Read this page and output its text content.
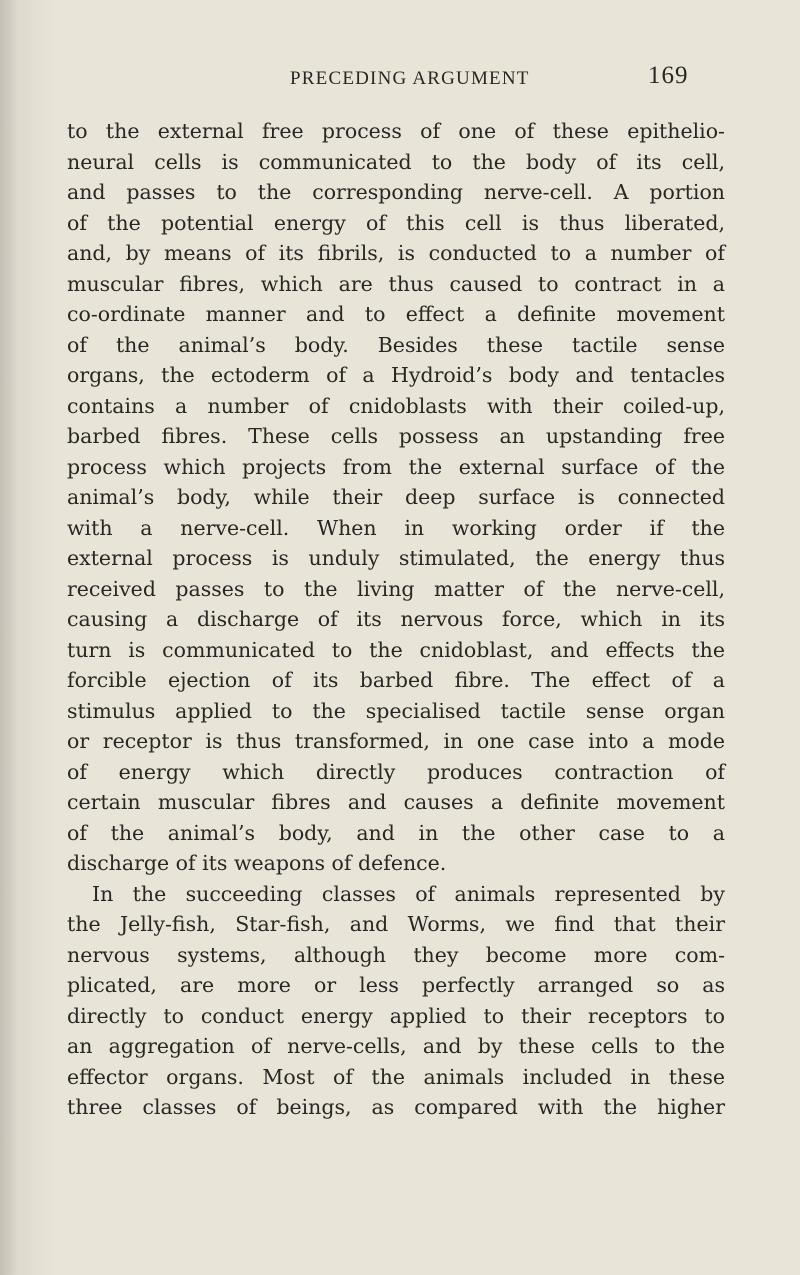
PRECEDING ARGUMENT	169
to the external free process of one of these epithelio-
neural cells is communicated to the body of its cell,
and passes to the corresponding nerve-cell. A portion
of the potential energy of this cell is thus liberated,
and, by means of its fibrils, is conducted to a number of
muscular fibres, which are thus caused to contract in a
co-ordinate manner and to effect a definite movement
of the animal’s body. Besides these tactile sense
organs, the ectoderm of a Hydroid’s body and tentacles
contains a number of cnidoblasts with their coiled-up,
barbed fibres. These cells possess an upstanding free
process which projects from the external surface of the
animal’s body, while their deep surface is connected
with a nerve-cell. When in working order if the
external process is unduly stimulated, the energy thus
received passes to the living matter of the nerve-cell,
causing a discharge of its nervous force, which in its
turn is communicated to the cnidoblast, and effects the
forcible ejection of its barbed fibre. The effect of a
stimulus applied to the specialised tactile sense organ
or receptor is thus transformed, in one case into a mode
of energy which directly produces contraction of
certain muscular fibres and causes a definite movement
of the animal’s body, and in the other case to a
discharge of its weapons of defence.
In the succeeding classes of animals represented by
the Jelly-fish, Star-fish, and Worms, we find that their
nervous systems, although they become more com-
plicated, are more or less perfectly arranged so as
directly to conduct energy applied to their receptors to
an aggregation of nerve-cells, and by these cells to the
effector organs. Most of the animals included in these
three classes of beings, as compared with the higher
